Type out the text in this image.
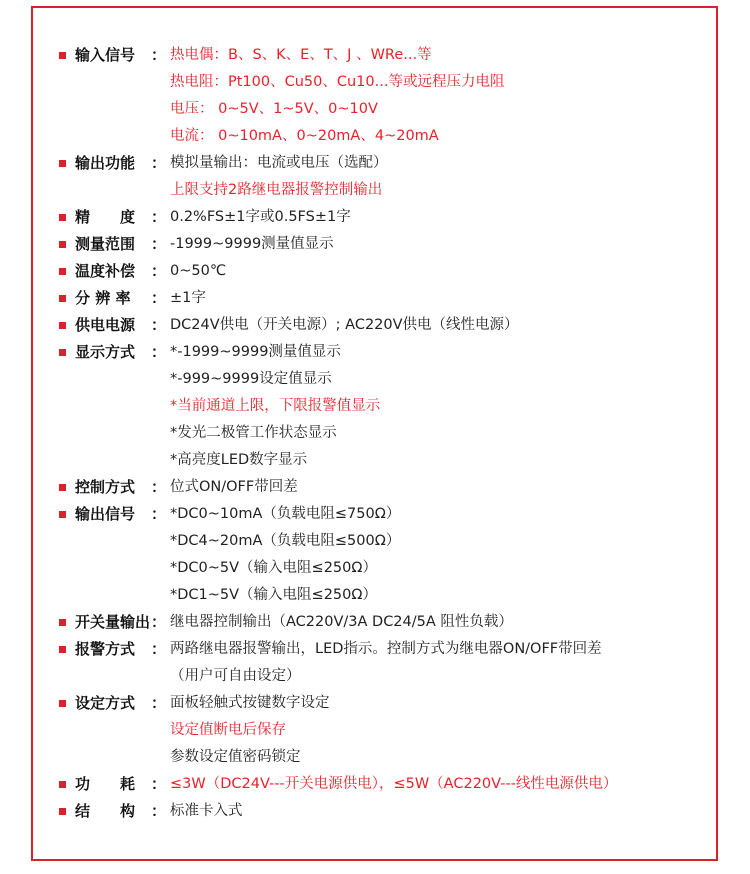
输入信号 ： 热电偶：B、S、K、E、T、J 、WRe...等
热电阻：Pt100、Cu50、Cu10...等或远程压力电阻
电压： 0~5V、1~5V、0~10V
电流： 0~10mA、0~20mA、4~20mA
输出功能 ： 模拟量输出：电流或电压（选配）
上限支持2路继电器报警控制输出
精　　度 ： 0.2%FS±1字或0.5FS±1字
测量范围 ： -1999~9999测量值显示
温度补偿 ： 0~50℃
分 辨 率 ： ±1字
供电电源 ： DC24V供电（开关电源）; AC220V供电（线性电源）
显示方式 ： *-1999~9999测量值显示
*-999~9999设定值显示
*当前通道上限，下限报警值显示
*发光二极管工作状态显示
*高亮度LED数字显示
控制方式 ： 位式ON/OFF带回差
输出信号 ： *DC0~10mA（负载电阻≤750Ω）
*DC4~20mA（负载电阻≤500Ω）
*DC0~5V（输入电阻≤250Ω）
*DC1~5V（输入电阻≤250Ω）
开关量输出 ： 继电器控制输出（AC220V/3A DC24/5A 阻性负载）
报警方式 ： 两路继电器报警输出，LED指示。控制方式为继电器ON/OFF带回差
（用户可自由设定）
设定方式 ： 面板轻触式按键数字设定
设定值断电后保存
参数设定值密码锁定
功　　耗 ： ≤3W（DC24V---开关电源供电），≤5W（AC220V---线性电源供电）
结　　构 ： 标准卡入式
